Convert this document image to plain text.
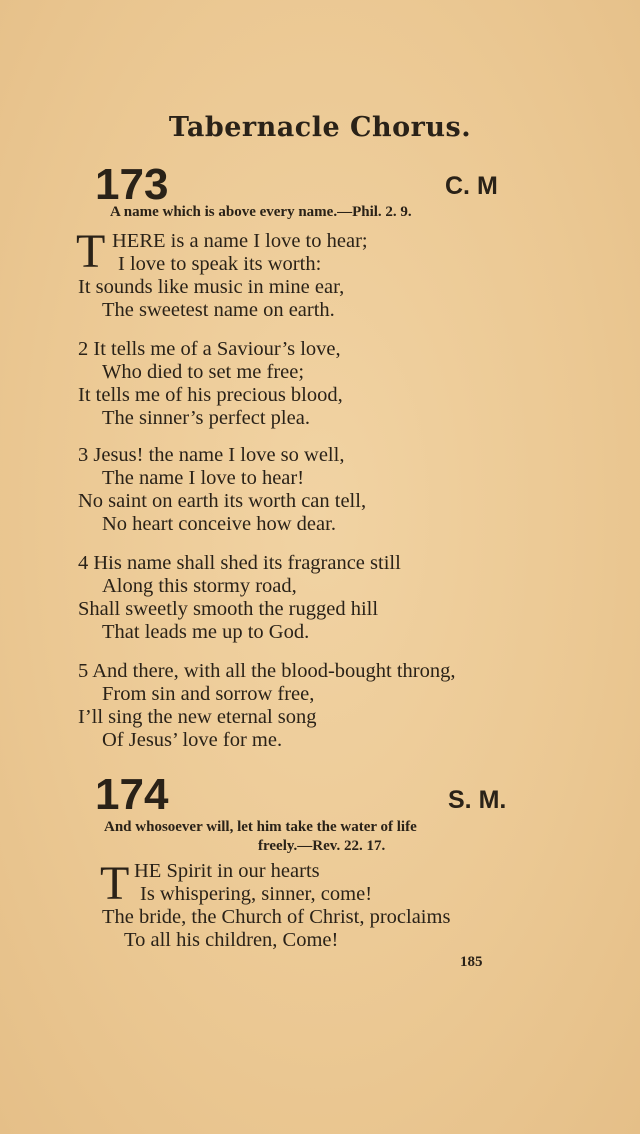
Tabernacle Chorus.
173	C. M
A name which is above every name.—Phil. 2. 9.
T HERE is a name I love to hear;
I love to speak its worth:
It sounds like music in mine ear,
The sweetest name on earth.
2 It tells me of a Saviour’s love,
Who died to set me free;
It tells me of his precious blood,
The sinner’s perfect plea.
3 Jesus! the name I love so well,
The name I love to hear!
No saint on earth its worth can tell,
No heart conceive how dear.
4 His name shall shed its fragrance still
Along this stormy road,
Shall sweetly smooth the rugged hill
That leads me up to God.
5 And there, with all the blood-bought throng,
From sin and sorrow free,
I’ll sing the new eternal song
Of Jesus’ love for me.
174	S. M.
And whosoever will, let him take the water of life
freely.—Rev. 22. 17.
T HE Spirit in our hearts
Is whispering, sinner, come!
The bride, the Church of Christ, proclaims
To all his children, Come!
185
